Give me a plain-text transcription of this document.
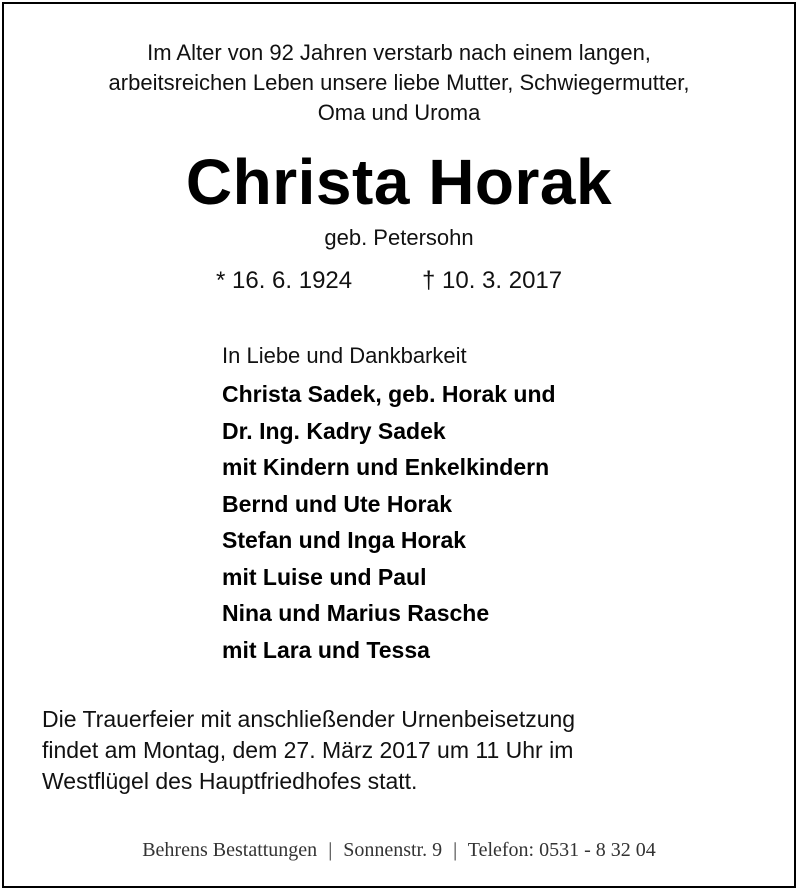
Im Alter von 92 Jahren verstarb nach einem langen,
arbeitsreichen Leben unsere liebe Mutter, Schwiegermutter,
Oma und Uroma
Christa Horak
geb. Petersohn
* 16. 6. 1924	† 10. 3. 2017
In Liebe und Dankbarkeit
Christa Sadek, geb. Horak und
Dr. Ing. Kadry Sadek
mit Kindern und Enkelkindern
Bernd und Ute Horak
Stefan und Inga Horak
mit Luise und Paul
Nina und Marius Rasche
mit Lara und Tessa
Die Trauerfeier mit anschließender Urnenbeisetzung
findet am Montag, dem 27. März 2017 um 11 Uhr im
Westflügel des Hauptfriedhofes statt.
Behrens Bestattungen | Sonnenstr. 9 | Telefon: 0531 - 8 32 04
